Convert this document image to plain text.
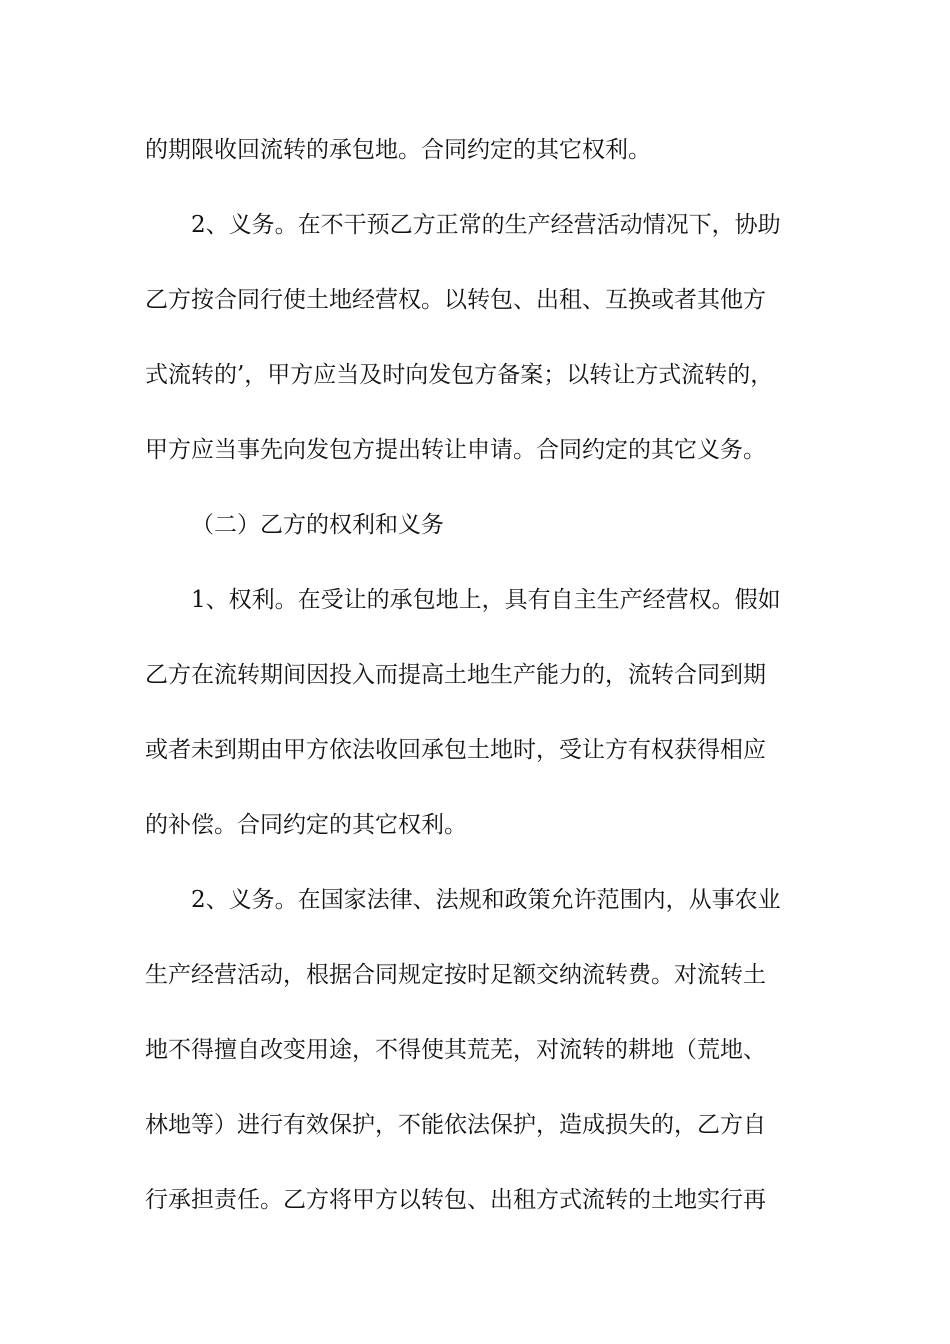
的期限收回流转的承包地。合同约定的其它权利。
2、义务。在不干预乙方正常的生产经营活动情况下，协助
乙方按合同行使土地经营权。以转包、出租、互换或者其他方
式流转的’，甲方应当及时向发包方备案；以转让方式流转的，
甲方应当事先向发包方提出转让申请。合同约定的其它义务。
（二）乙方的权利和义务
1、权利。在受让的承包地上，具有自主生产经营权。假如
乙方在流转期间因投入而提高土地生产能力的，流转合同到期
或者未到期由甲方依法收回承包土地时，受让方有权获得相应
的补偿。合同约定的其它权利。
2、义务。在国家法律、法规和政策允许范围内，从事农业
生产经营活动，根据合同规定按时足额交纳流转费。对流转土
地不得擅自改变用途，不得使其荒芜，对流转的耕地（荒地、
林地等）进行有效保护，不能依法保护，造成损失的，乙方自
行承担责任。乙方将甲方以转包、出租方式流转的土地实行再
